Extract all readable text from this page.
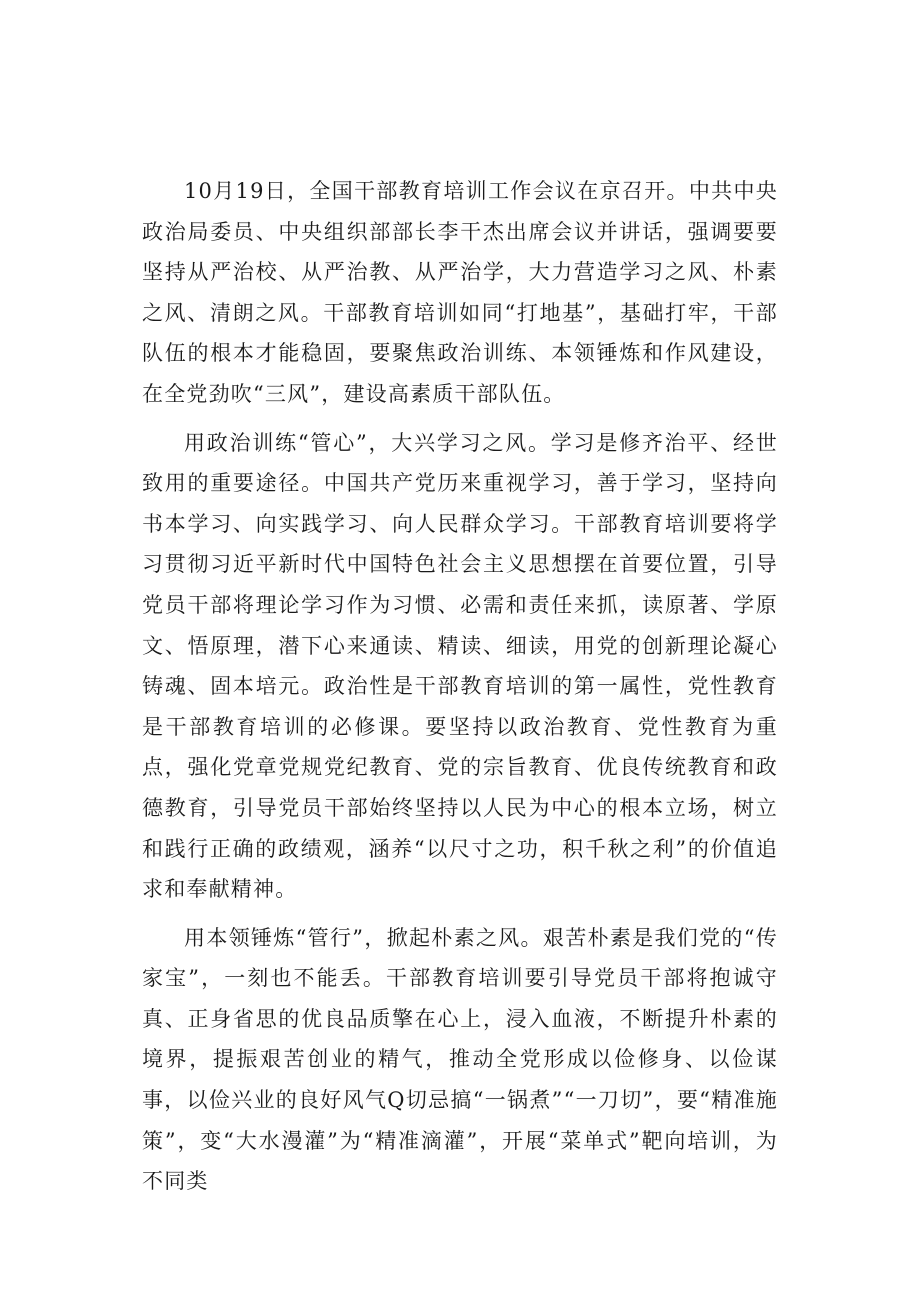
10月19日，全国干部教育培训工作会议在京召开。中共中央政治局委员、中央组织部部长李干杰出席会议并讲话，强调要要坚持从严治校、从严治教、从严治学，大力营造学习之风、朴素之风、清朗之风。干部教育培训如同“打地基”，基础打牢，干部队伍的根本才能稳固，要聚焦政治训练、本领锤炼和作风建设，在全党劲吹“三风”，建设高素质干部队伍。

用政治训练“管心”，大兴学习之风。学习是修齐治平、经世致用的重要途径。中国共产党历来重视学习，善于学习，坚持向书本学习、向实践学习、向人民群众学习。干部教育培训要将学习贯彻习近平新时代中国特色社会主义思想摆在首要位置，引导党员干部将理论学习作为习惯、必需和责任来抓，读原著、学原文、悟原理，潜下心来通读、精读、细读，用党的创新理论凝心铸魂、固本培元。政治性是干部教育培训的第一属性，党性教育是干部教育培训的必修课。要坚持以政治教育、党性教育为重点，强化党章党规党纪教育、党的宗旨教育、优良传统教育和政德教育，引导党员干部始终坚持以人民为中心的根本立场，树立和践行正确的政绩观，涵养“以尺寸之功，积千秋之利”的价值追求和奉献精神。

用本领锤炼“管行”，掀起朴素之风。艰苦朴素是我们党的“传家宝”，一刻也不能丢。干部教育培训要引导党员干部将抱诚守真、正身省思的优良品质擎在心上，浸入血液，不断提升朴素的境界，提振艰苦创业的精气，推动全党形成以俭修身、以俭谋事，以俭兴业的良好风气Q切忌搞“一锅煮”“一刀切”，要“精准施策”，变“大水漫灌”为“精准滴灌”，开展“菜单式”靶向培训，为不同类
